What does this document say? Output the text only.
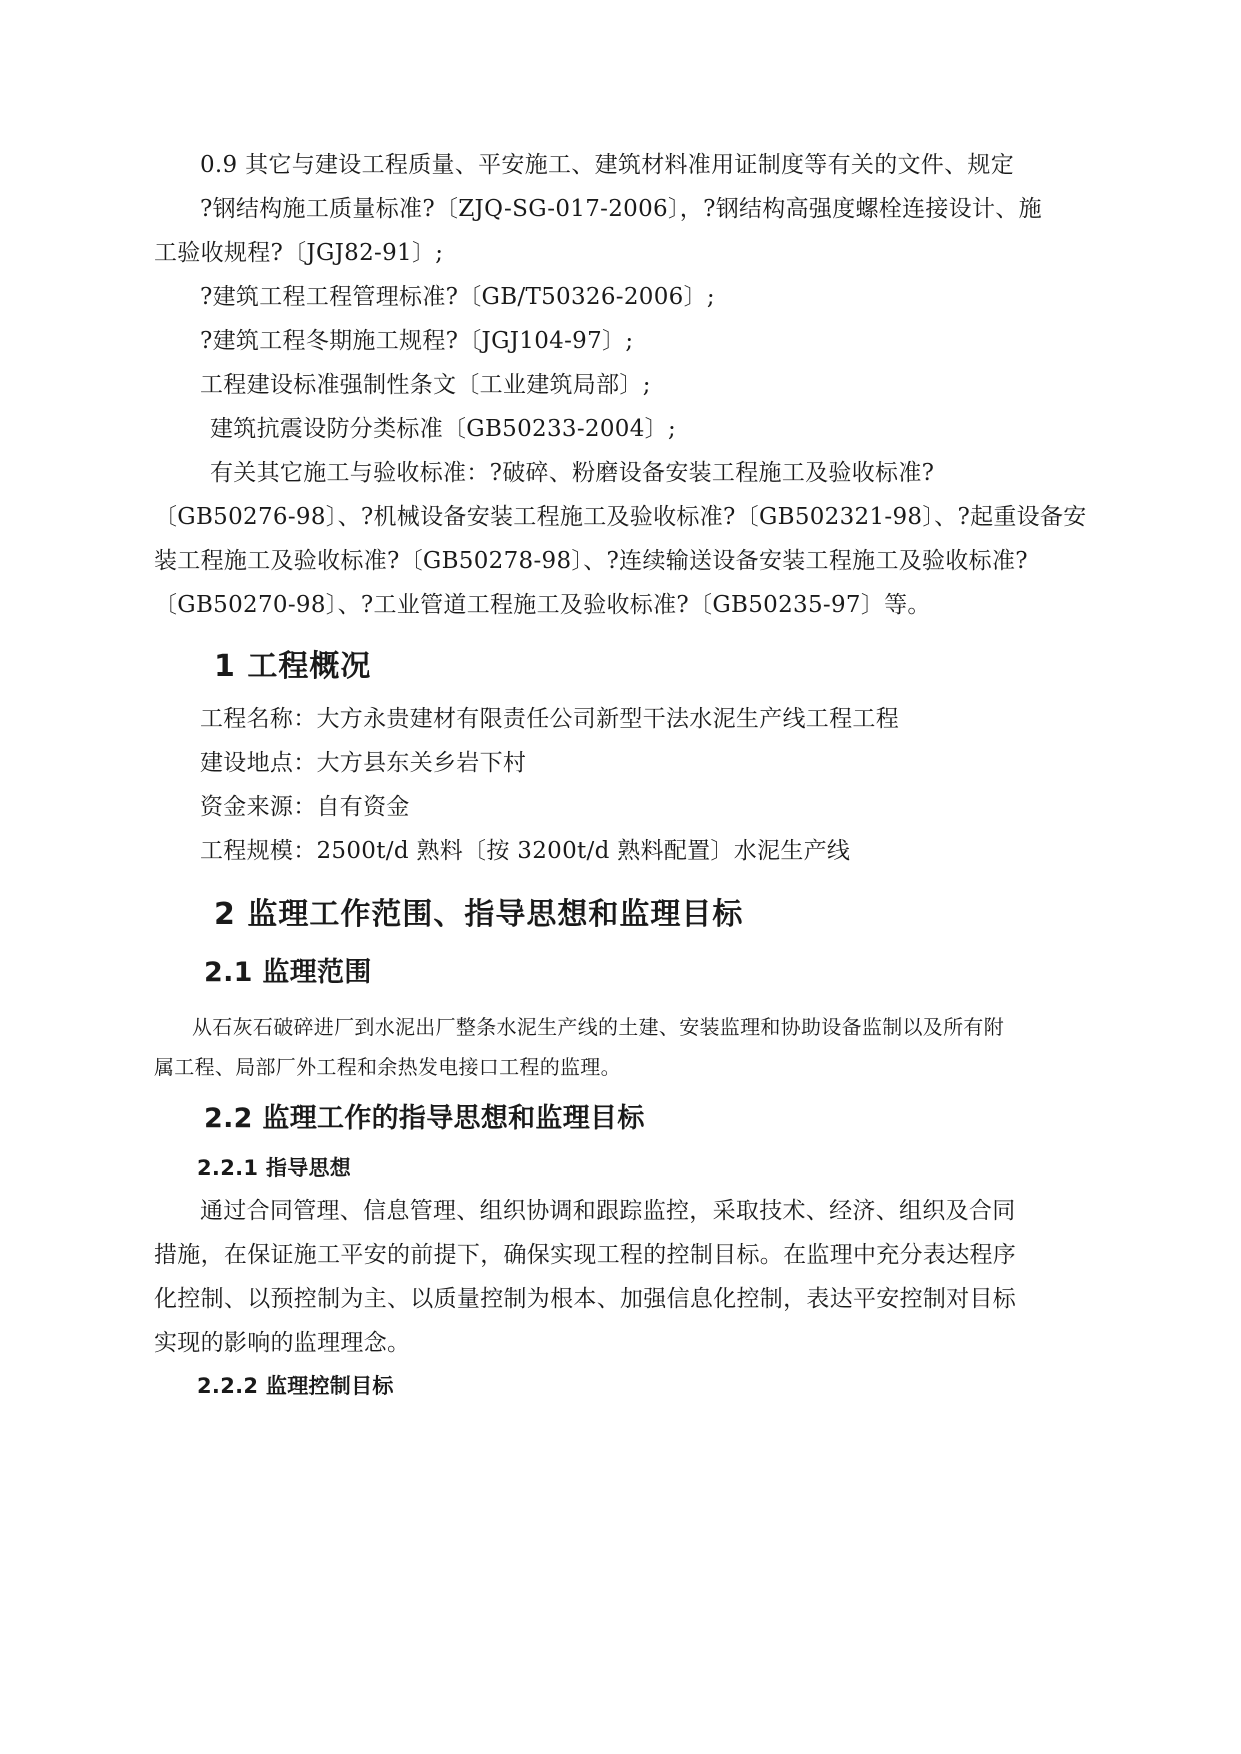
0.9 其它与建设工程质量、平安施工、建筑材料准用证制度等有关的文件、规定

?钢结构施工质量标准?〔ZJQ-SG-017-2006〕，?钢结构高强度螺栓连接设计、施

工验收规程?〔JGJ82-91〕;

?建筑工程工程管理标准?〔GB/T50326-2006〕;

?建筑工程冬期施工规程?〔JGJ104-97〕;

工程建设标准强制性条文〔工业建筑局部〕;

建筑抗震设防分类标准〔GB50233-2004〕;

有关其它施工与验收标准：?破碎、粉磨设备安装工程施工及验收标准?

〔GB50276-98〕、?机械设备安装工程施工及验收标准?〔GB502321-98〕、?起重设备安

装工程施工及验收标准?〔GB50278-98〕、?连续输送设备安装工程施工及验收标准?

〔GB50270-98〕、?工业管道工程施工及验收标准?〔GB50235-97〕等。

1 工程概况

工程名称：大方永贵建材有限责任公司新型干法水泥生产线工程工程

建设地点：大方县东关乡岩下村

资金来源：自有资金

工程规模：2500t/d 熟料〔按 3200t/d 熟料配置〕水泥生产线

2 监理工作范围、指导思想和监理目标
2.1 监理范围

从石灰石破碎进厂到水泥出厂整条水泥生产线的土建、安装监理和协助设备监制以及所有附

属工程、局部厂外工程和余热发电接口工程的监理。

2.2 监理工作的指导思想和监理目标
2.2.1 指导思想

通过合同管理、信息管理、组织协调和跟踪监控，采取技术、经济、组织及合同

措施，在保证施工平安的前提下，确保实现工程的控制目标。在监理中充分表达程序

化控制、以预控制为主、以质量控制为根本、加强信息化控制，表达平安控制对目标

实现的影响的监理理念。

2.2.2 监理控制目标
